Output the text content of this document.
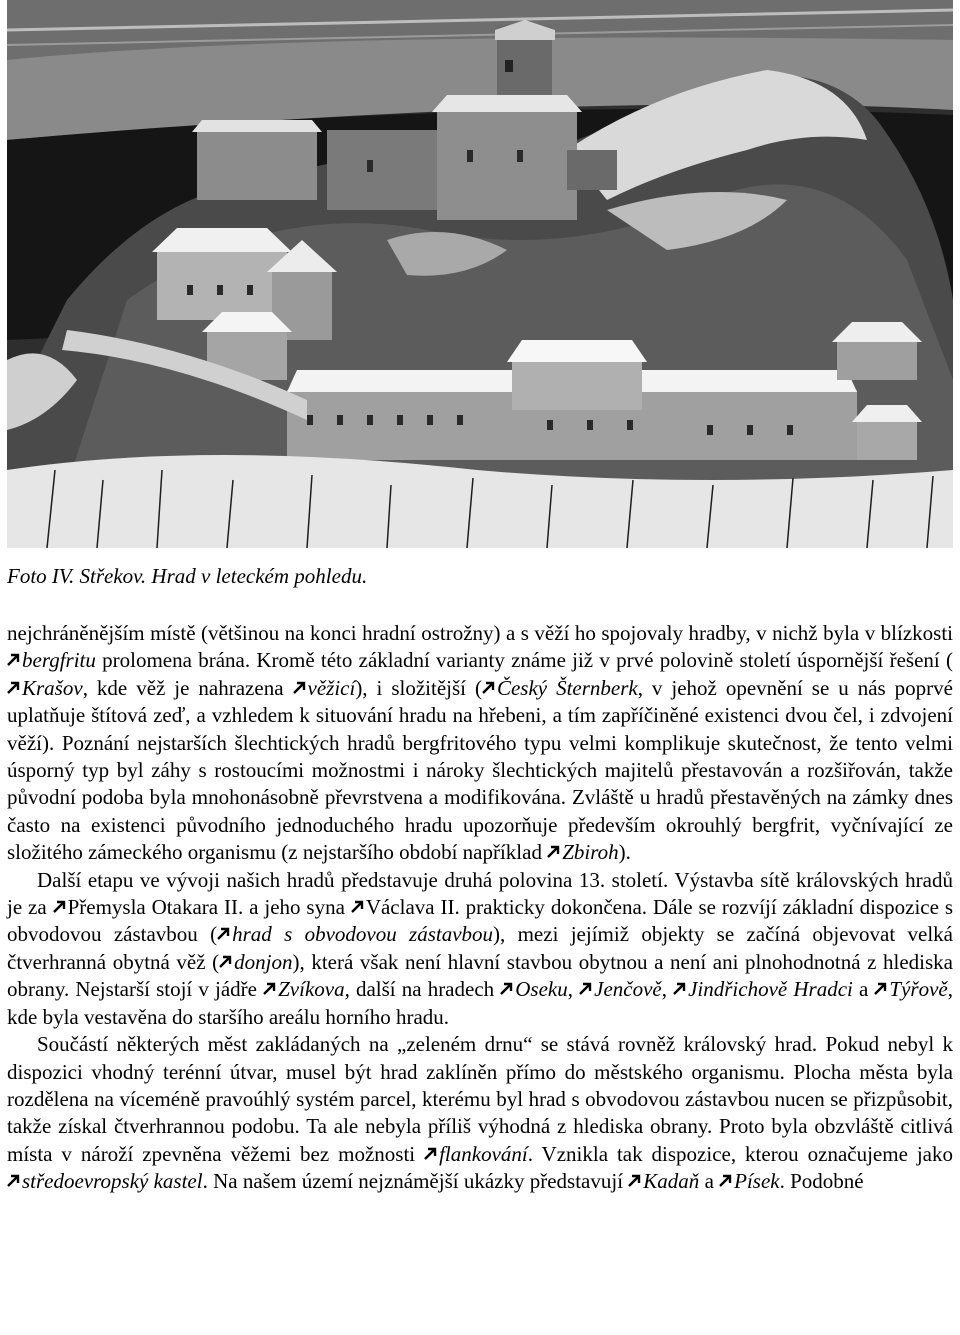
Foto IV. Střekov. Hrad v leteckém pohledu.

nejchráněnějším místě (většinou na konci hradní ostrožny) a s věží ho spojovaly hradby, v nichž byla v blízkosti
bergfritu prolomena brána. Kromě této základní varianty známe již v prvé polovině století úspornější řešení (
Krašov, kde věž je nahrazena
věžicí), i složitější ( Český Šternberk, v jehož opevnění se u nás poprvé uplatňuje štítová zeď, a vzhledem k situování hradu na hřebeni, a tím zapříčiněné existenci dvou čel, i zdvojení věží). Poznání nejstarších šlechtických hradů bergfritového typu velmi komplikuje skutečnost, že tento velmi úsporný typ byl záhy s rostoucími možnostmi i nároky šlechtických majitelů přestavován a rozšiřován, takže původní podoba byla mnohonásobně převrstvena a modifikována. Zvláště u hradů přestavěných na zámky dnes často na existenci původního jednoduchého hradu upozorňuje především okrouhlý bergfrit, vyčnívající ze složitého zámeckého organismu (z nejstaršího období například
Zbiroh).

Další etapu ve vývoji našich hradů představuje druhá polovina 13. století. Výstavba sítě královských hradů je za
Přemysla Otakara II. a jeho syna
Václava II. prakticky dokončena. Dále se rozvíjí základní dispozice s obvodovou zástavbou ( hrad s obvodovou zástavbou), mezi jejímiž objekty se začíná objevovat velká čtverhranná obytná věž ( donjon), která však není hlavní stavbou obytnou a není ani plnohodnotná z hlediska obrany. Nejstarší stojí v jádře
Zvíkova, další na hradech
Oseku,
Jenčově,
Jindřichově Hradci a
Týřově, kde byla vestavěna do staršího areálu horního hradu.

Součástí některých měst zakládaných na „zeleném drnu“ se stává rovněž královský hrad. Pokud nebyl k dispozici vhodný terénní útvar, musel být hrad zaklíněn přímo do městského organismu. Plocha města byla rozdělena na víceméně pravoúhlý systém parcel, kterému byl hrad s obvodovou zástavbou nucen se přizpůsobit, takže získal čtverhrannou podobu. Ta ale nebyla příliš výhodná z hlediska obrany. Proto byla obzvláště citlivá místa v nároží zpevněna věžemi bez možnosti
flankování. Vznikla tak dispozice, kterou označujeme jako
středoevropský kastel. Na našem území nejznámější ukázky představují
Kadaň a
Písek. Podobné
